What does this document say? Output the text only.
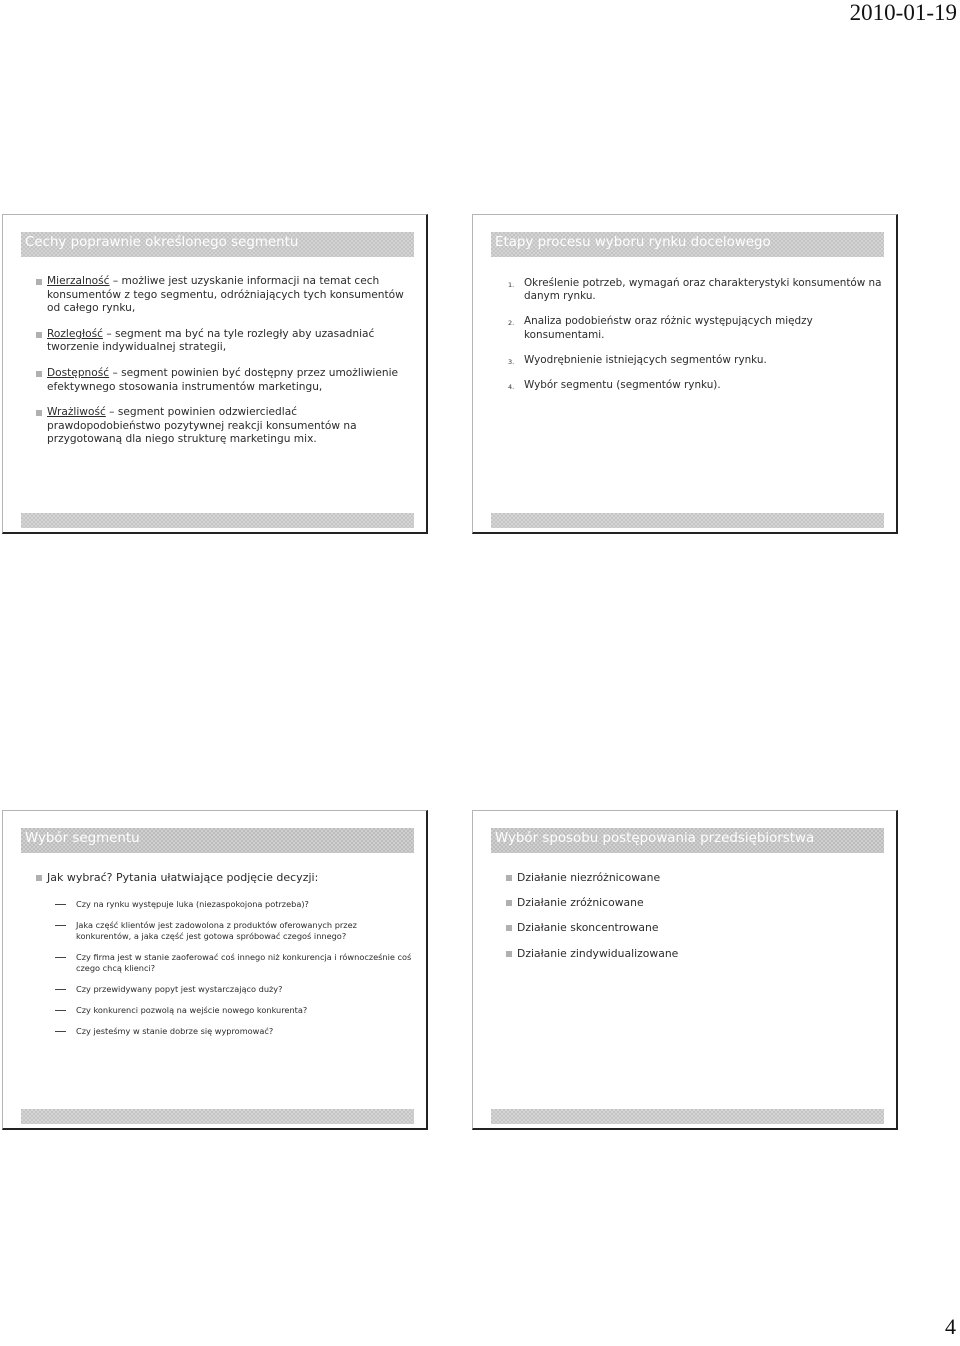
2010-01-19
Cechy poprawnie określonego segmentu
Mierzalność – możliwe jest uzyskanie informacji na temat cech konsumentów z tego segmentu, odróżniających tych konsumentów od całego rynku,
Rozległość – segment ma być na tyle rozległy aby uzasadniać tworzenie indywidualnej strategii,
Dostępność – segment powinien być dostępny przez umożliwienie efektywnego stosowania instrumentów marketingu,
Wrażliwość – segment powinien odzwierciedlać prawdopodobieństwo pozytywnej reakcji konsumentów na przygotowaną dla niego strukturę marketingu mix.
Etapy procesu wyboru rynku docelowego
1. Określenie potrzeb, wymagań oraz charakterystyki konsumentów na danym rynku.
2. Analiza podobieństw oraz różnic występujących między konsumentami.
3. Wyodrębnienie istniejących segmentów rynku.
4. Wybór segmentu (segmentów rynku).
Wybór segmentu
Jak wybrać? Pytania ułatwiające podjęcie decyzji:
Czy na rynku występuje luka (niezaspokojona potrzeba)?
Jaka część klientów jest zadowolona z produktów oferowanych przez konkurentów, a jaka część jest gotowa spróbować czegoś innego?
Czy firma jest w stanie zaoferować coś innego niż konkurencja i równocześnie coś czego chcą klienci?
Czy przewidywany popyt jest wystarczająco duży?
Czy konkurenci pozwolą na wejście nowego konkurenta?
Czy jesteśmy w stanie dobrze się wypromować?
Wybór sposobu postępowania przedsiębiorstwa
Działanie niezróżnicowane
Działanie zróżnicowane
Działanie skoncentrowane
Działanie zindywidualizowane
4
